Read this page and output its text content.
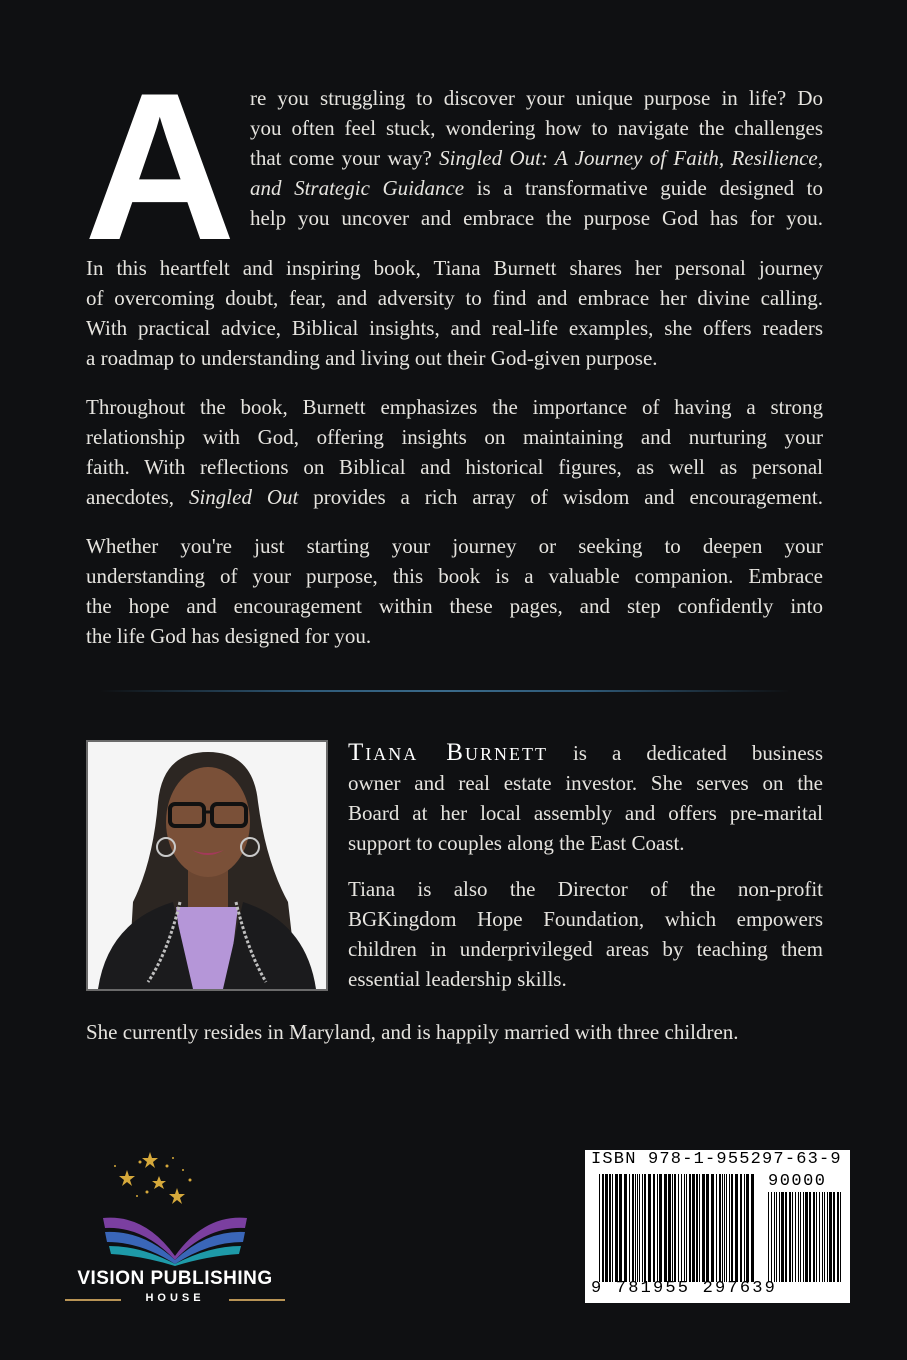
A re you struggling to discover your unique purpose in life? Do
you often feel stuck, wondering how to navigate the challenges
that come your way? Singled Out: A Journey of Faith, Resilience,
and Strategic Guidance is a transformative guide designed to
help you uncover and embrace the purpose God has for you.
In this heartfelt and inspiring book, Tiana Burnett shares her personal journey
of overcoming doubt, fear, and adversity to find and embrace her divine calling.
With practical advice, Biblical insights, and real-life examples, she offers readers
a roadmap to understanding and living out their God-given purpose.
Throughout the book, Burnett emphasizes the importance of having a strong
relationship with God, offering insights on maintaining and nurturing your
faith. With reflections on Biblical and historical figures, as well as personal
anecdotes, Singled Out provides a rich array of wisdom and encouragement.
Whether you're just starting your journey or seeking to deepen your
understanding of your purpose, this book is a valuable companion. Embrace
the hope and encouragement within these pages, and step confidently into
the life God has designed for you.
Tiana Burnett is a dedicated business
owner and real estate investor. She serves on the
Board at her local assembly and offers pre-marital
support to couples along the East Coast.
Tiana is also the Director of the non-profit
BGKingdom Hope Foundation, which empowers
children in underprivileged areas by teaching them
essential leadership skills.
She currently resides in Maryland, and is happily married with three children.
VISION PUBLISHING
HOUSE
ISBN 978-1-955297-63-9
90000
9 781955 297639
